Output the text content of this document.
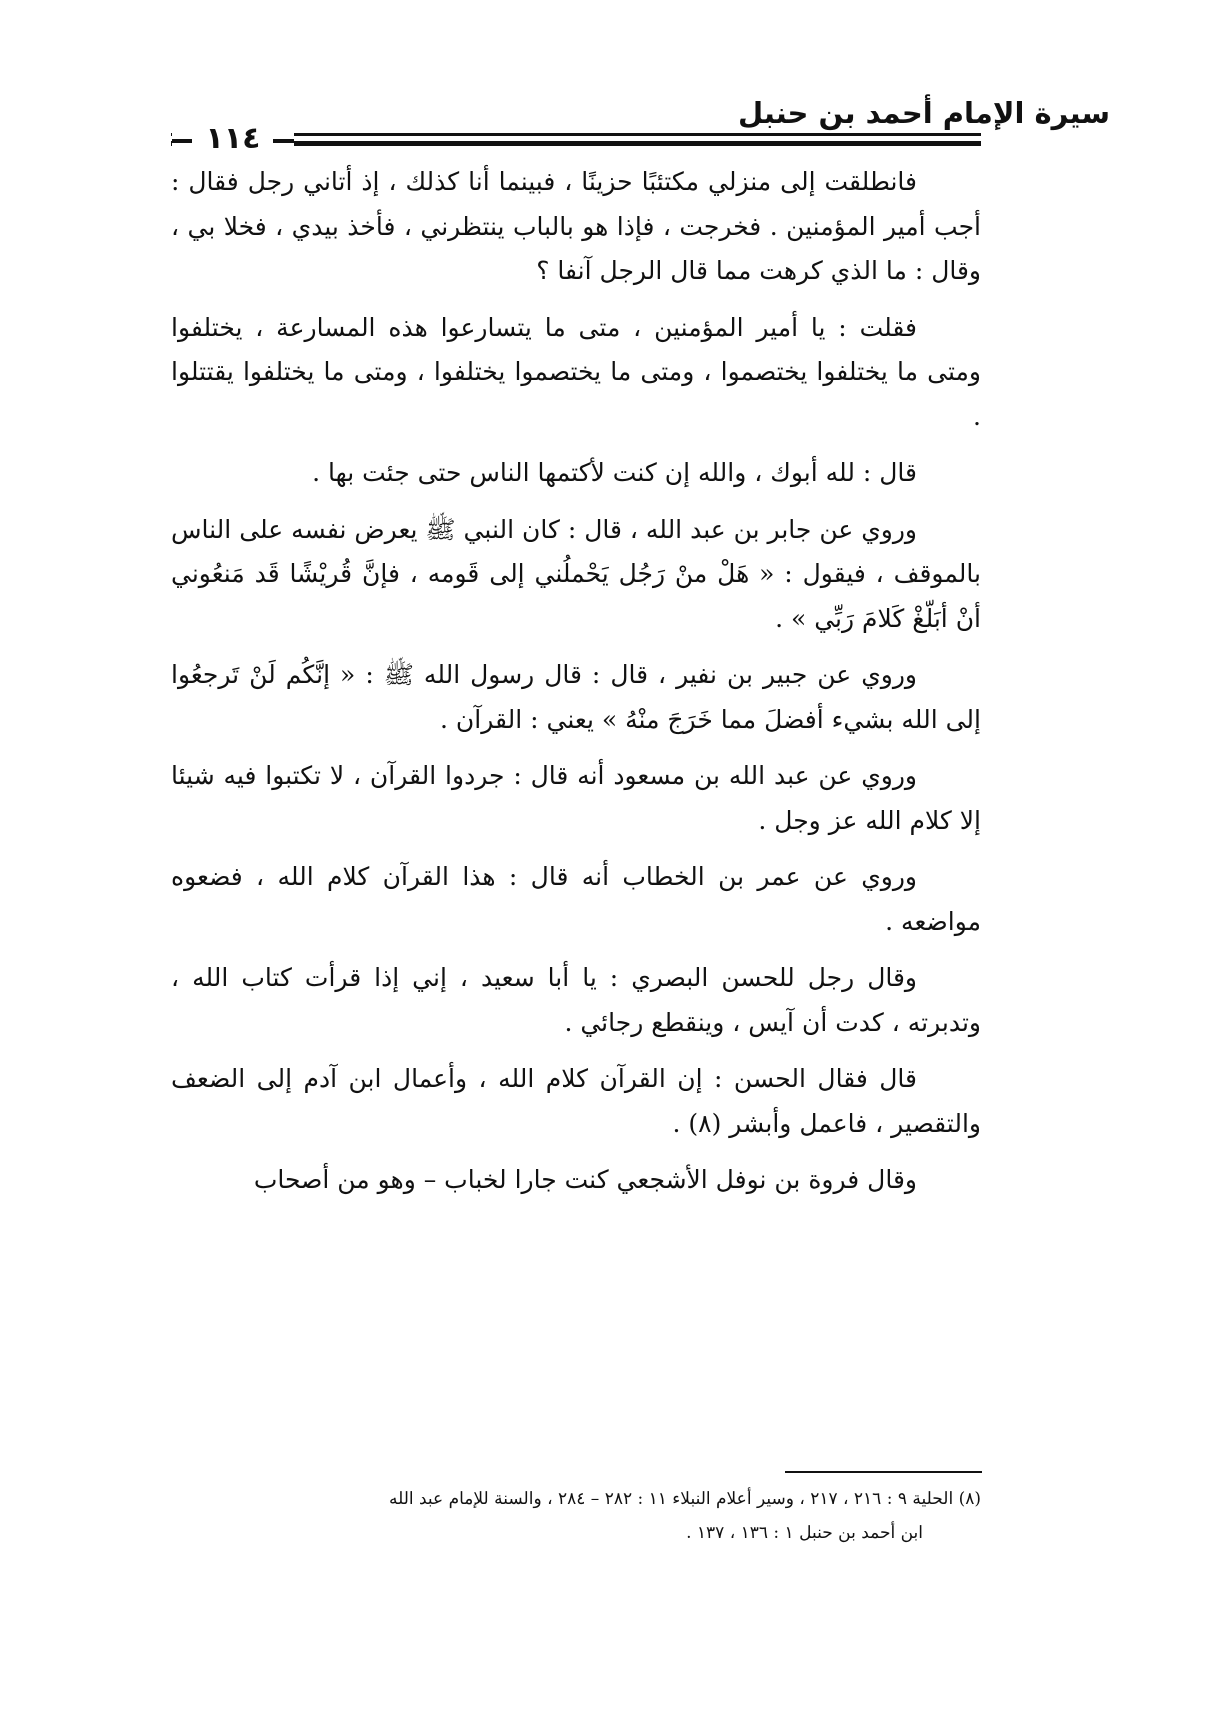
سيرة الإمام أحمد بن حنبل
١١٤

فانطلقت إلى منزلي مكتئبًا حزينًا ، فبينما أنا كذلك ، إذ أتاني رجل فقال : أجب أمير المؤمنين . فخرجت ، فإذا هو بالباب ينتظرني ، فأخذ بيدي ، فخلا بي ، وقال : ما الذي كرهت مما قال الرجل آنفا ؟

فقلت : يا أمير المؤمنين ، متى ما يتسارعوا هذه المسارعة ، يختلفوا ومتى ما يختلفوا يختصموا ، ومتى ما يختصموا يختلفوا ، ومتى ما يختلفوا يقتتلوا .

قال : لله أبوك ، والله إن كنت لأكتمها الناس حتى جئت بها .

وروي عن جابر بن عبد الله ، قال : كان النبي ﷺ يعرض نفسه على الناس بالموقف ، فيقول : « هَلْ منْ رَجُل يَحْملُني إلى قَومه ، فإنَّ قُريْشًا قَد مَنعُوني أنْ أبَلّغْ كَلامَ رَبِّي » .

وروي عن جبير بن نفير ، قال : قال رسول الله ﷺ : « إنَّكُم لَنْ تَرجعُوا إلى الله بشيء أفضلَ مما خَرَجَ منْهُ » يعني : القرآن .

وروي عن عبد الله بن مسعود أنه قال : جردوا القرآن ، لا تكتبوا فيه شيئا إلا كلام الله عز وجل .

وروي عن عمر بن الخطاب أنه قال : هذا القرآن كلام الله ، فضعوه مواضعه .

وقال رجل للحسن البصري : يا أبا سعيد ، إني إذا قرأت كتاب الله ، وتدبرته ، كدت أن آيس ، وينقطع رجائي .

قال فقال الحسن : إن القرآن كلام الله ، وأعمال ابن آدم إلى الضعف والتقصير ، فاعمل وأبشر (٨) .

وقال فروة بن نوفل الأشجعي كنت جارا لخباب – وهو من أصحاب

(٨) الحلية ٩ : ٢١٦ ، ٢١٧ ، وسير أعلام النبلاء ١١ : ٢٨٢ – ٢٨٤ ، والسنة للإمام عبد الله
ابن أحمد بن حنبل ١ : ١٣٦ ، ١٣٧ .
